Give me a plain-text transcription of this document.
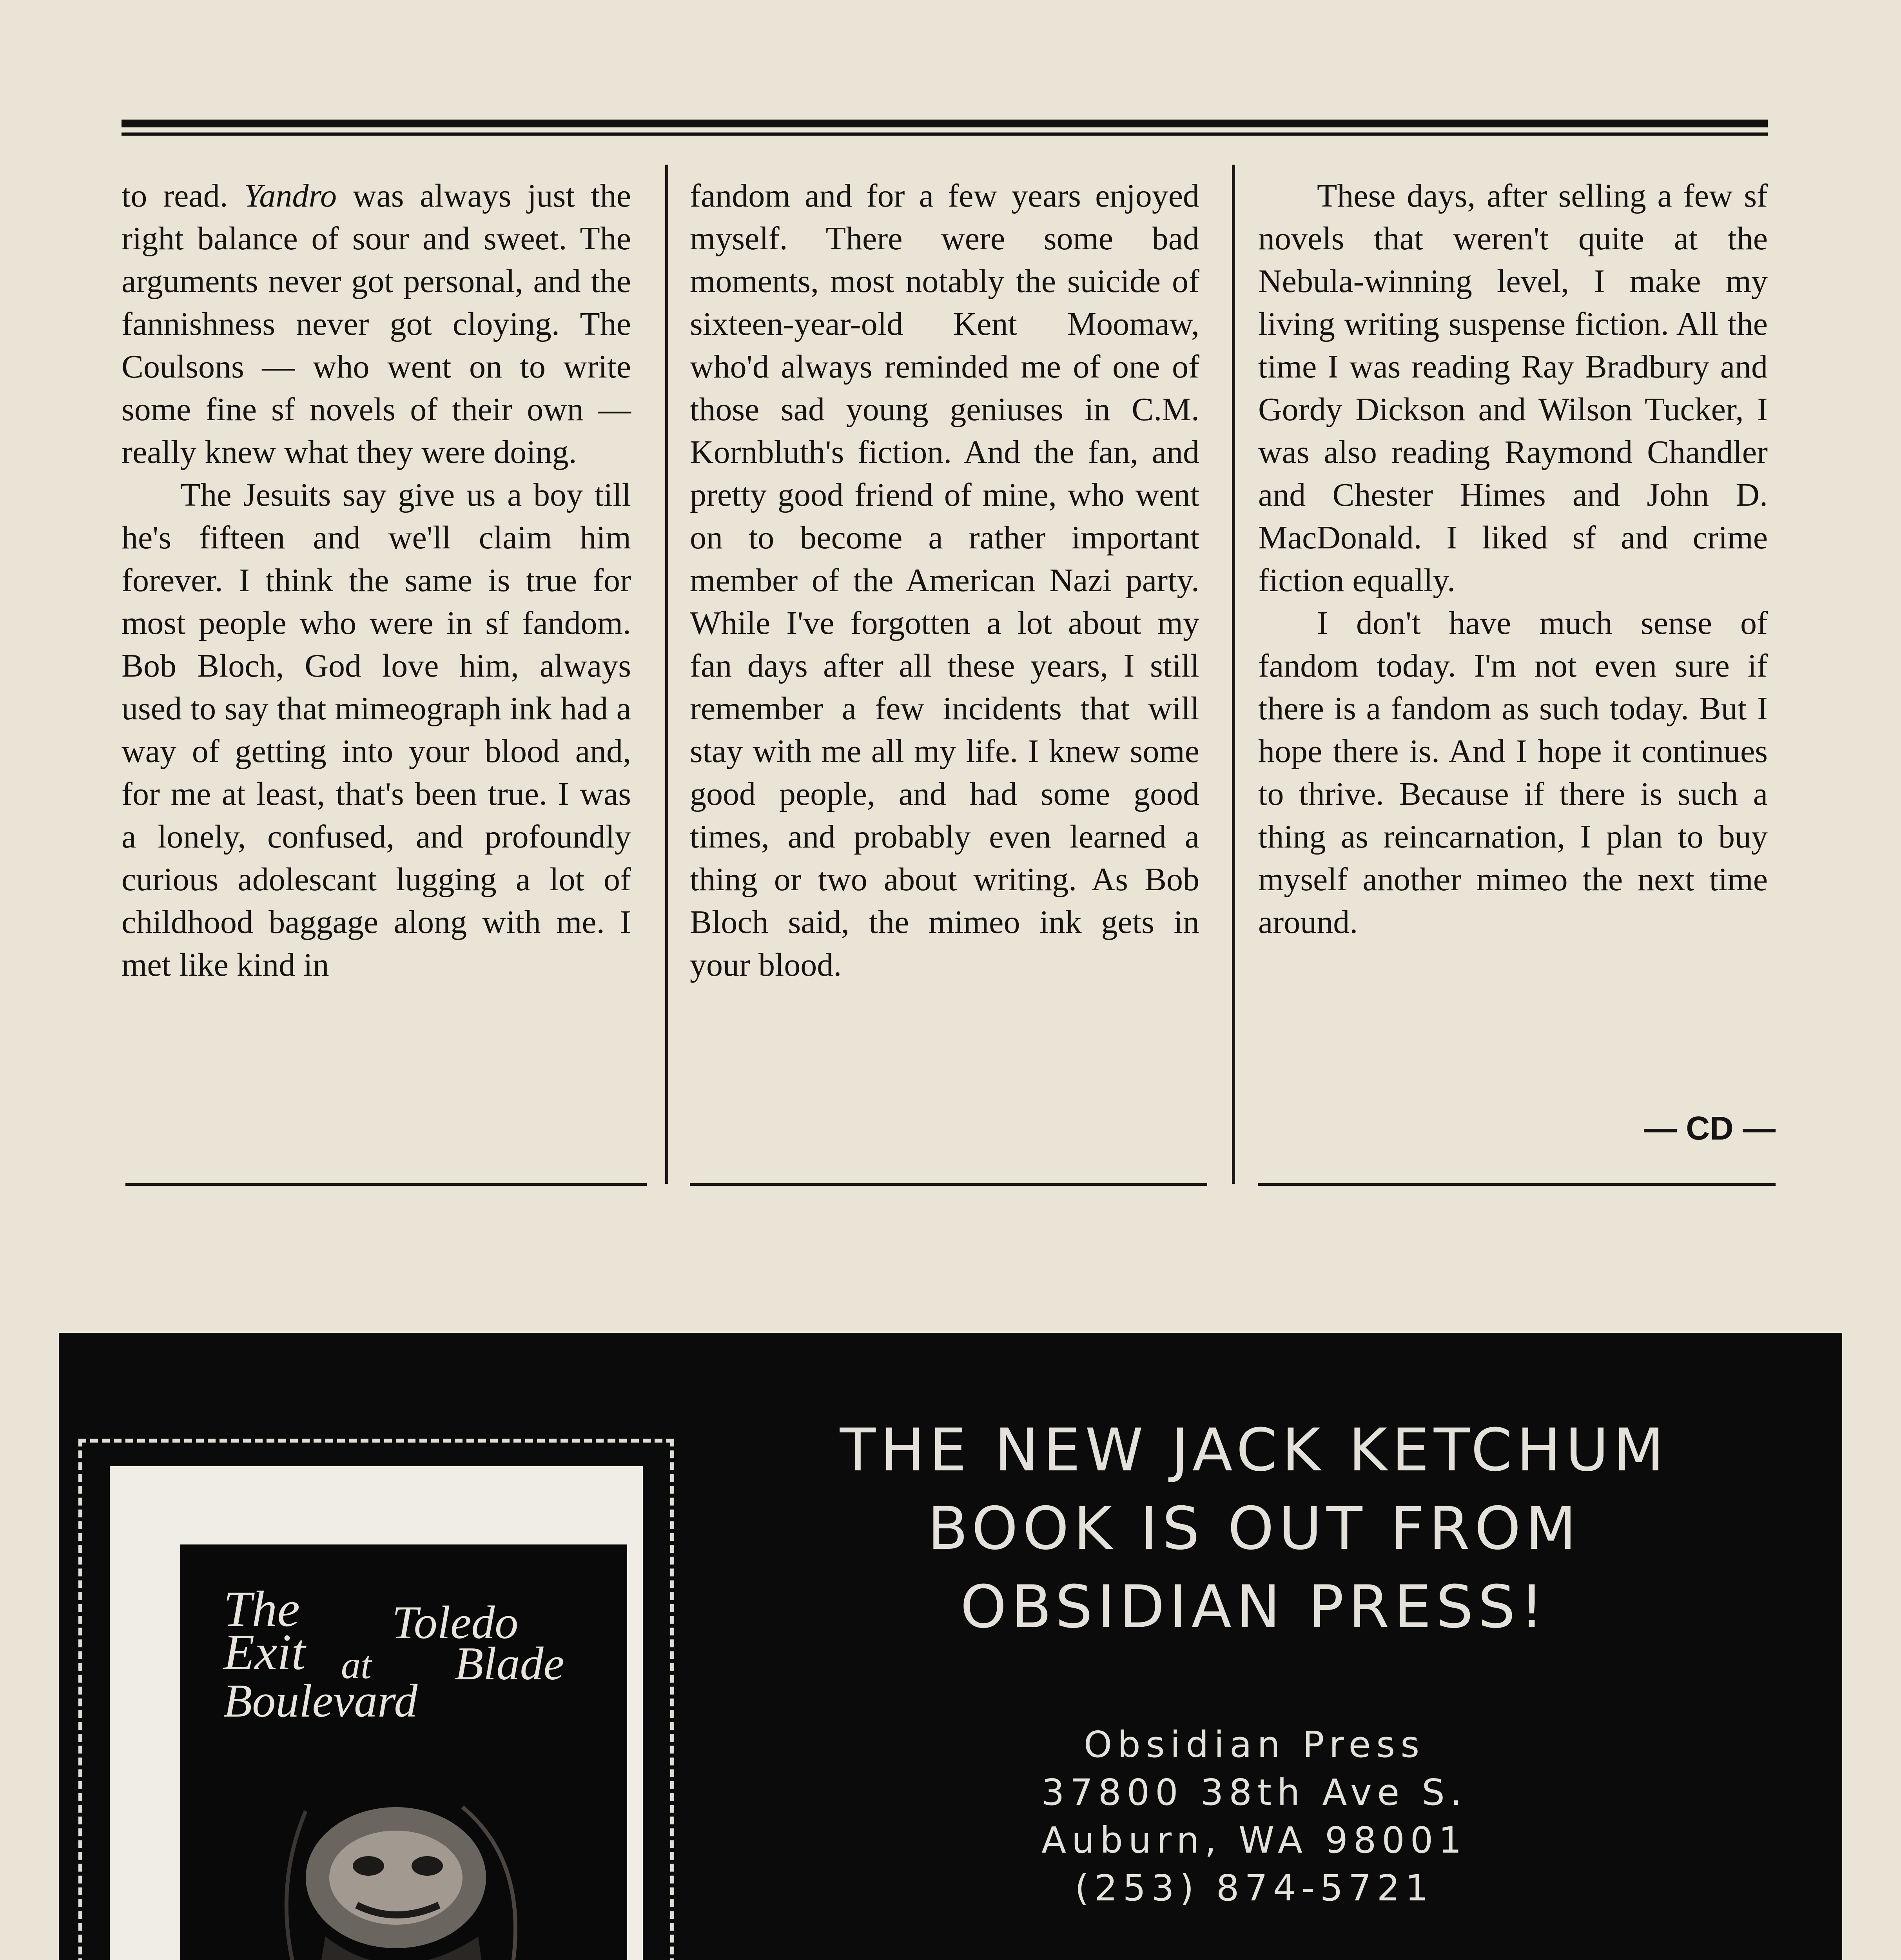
to read. Yandro was always just the right balance of sour and sweet. The arguments never got personal, and the fannishness never got cloying. The Coulsons — who went on to write some fine sf novels of their own — really knew what they were doing.

The Jesuits say give us a boy till he's fifteen and we'll claim him forever. I think the same is true for most people who were in sf fandom. Bob Bloch, God love him, always used to say that mimeograph ink had a way of getting into your blood and, for me at least, that's been true. I was a lonely, confused, and profoundly curious adolescant lugging a lot of childhood baggage along with me. I met like kind in

fandom and for a few years enjoyed myself. There were some bad moments, most notably the suicide of sixteen-year-old Kent Moomaw, who'd always reminded me of one of those sad young geniuses in C.M. Kornbluth's fiction. And the fan, and pretty good friend of mine, who went on to become a rather important member of the American Nazi party. While I've forgotten a lot about my fan days after all these years, I still remember a few incidents that will stay with me all my life. I knew some good people, and had some good times, and probably even learned a thing or two about writing. As Bob Bloch said, the mimeo ink gets in your blood.

These days, after selling a few sf novels that weren't quite at the Nebula-winning level, I make my living writing suspense fiction. All the time I was reading Ray Bradbury and Gordy Dickson and Wilson Tucker, I was also reading Raymond Chandler and Chester Himes and John D. MacDonald. I liked sf and crime fiction equally.

I don't have much sense of fandom today. I'm not even sure if there is a fandom as such today. But I hope there is. And I hope it continues to thrive. Because if there is such a thing as reincarnation, I plan to buy myself another mimeo the next time around.

— CD —
The
Exit at
Toledo
Blade
Boulevard
THE NEW JACK KETCHUM
BOOK IS OUT FROM
OBSIDIAN PRESS!
Obsidian Press
37800 38th Ave S.
Auburn, WA 98001
(253) 874-5721
